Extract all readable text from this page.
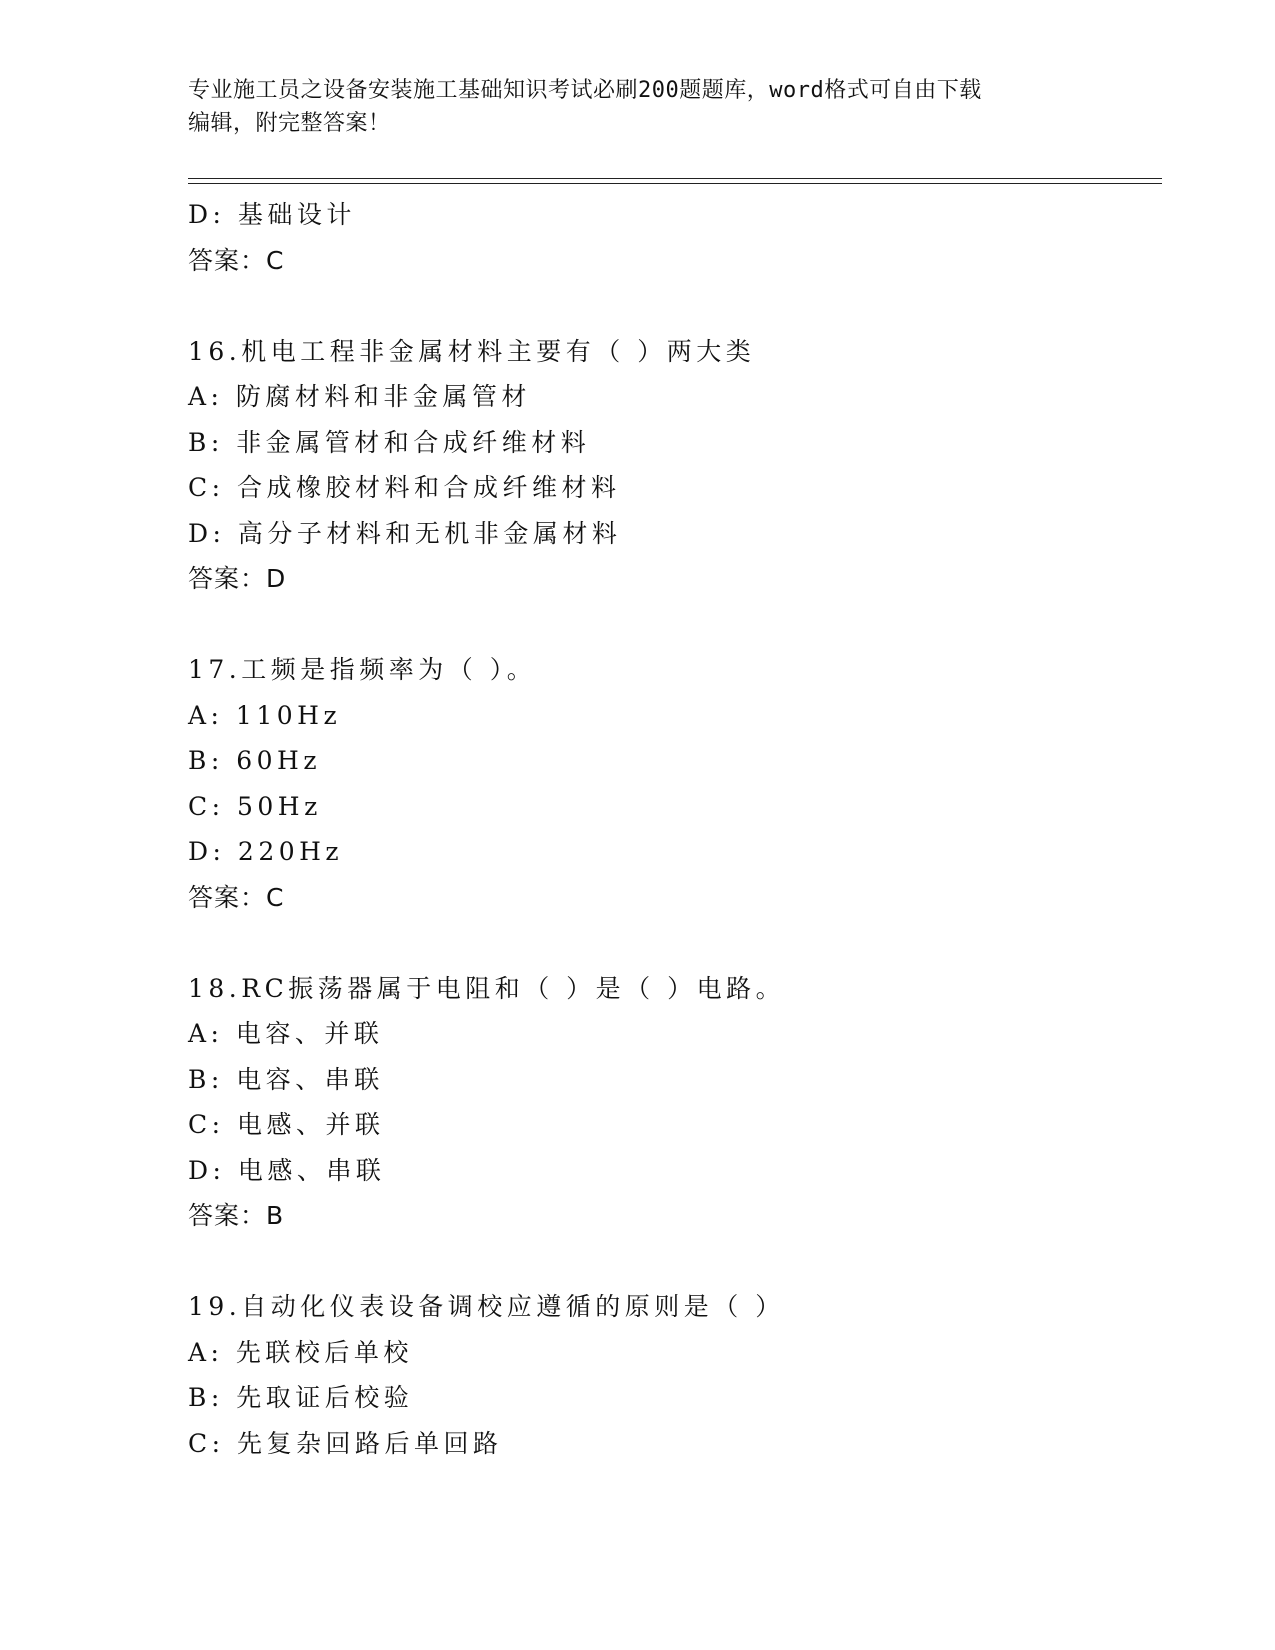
专业施工员之设备安装施工基础知识考试必刷200题题库，word格式可自由下载
编辑，附完整答案！
D: 基础设计
答案：C
16.机电工程非金属材料主要有（ ）两大类
A: 防腐材料和非金属管材
B: 非金属管材和合成纤维材料
C: 合成橡胶材料和合成纤维材料
D: 高分子材料和无机非金属材料
答案：D
17.工频是指频率为（ ）。
A: 110Hz
B: 60Hz
C: 50Hz
D: 220Hz
答案：C
18.RC振荡器属于电阻和（ ）是（ ）电路。
A: 电容、并联
B: 电容、串联
C: 电感、并联
D: 电感、串联
答案：B
19.自动化仪表设备调校应遵循的原则是（ ）
A: 先联校后单校
B: 先取证后校验
C: 先复杂回路后单回路
